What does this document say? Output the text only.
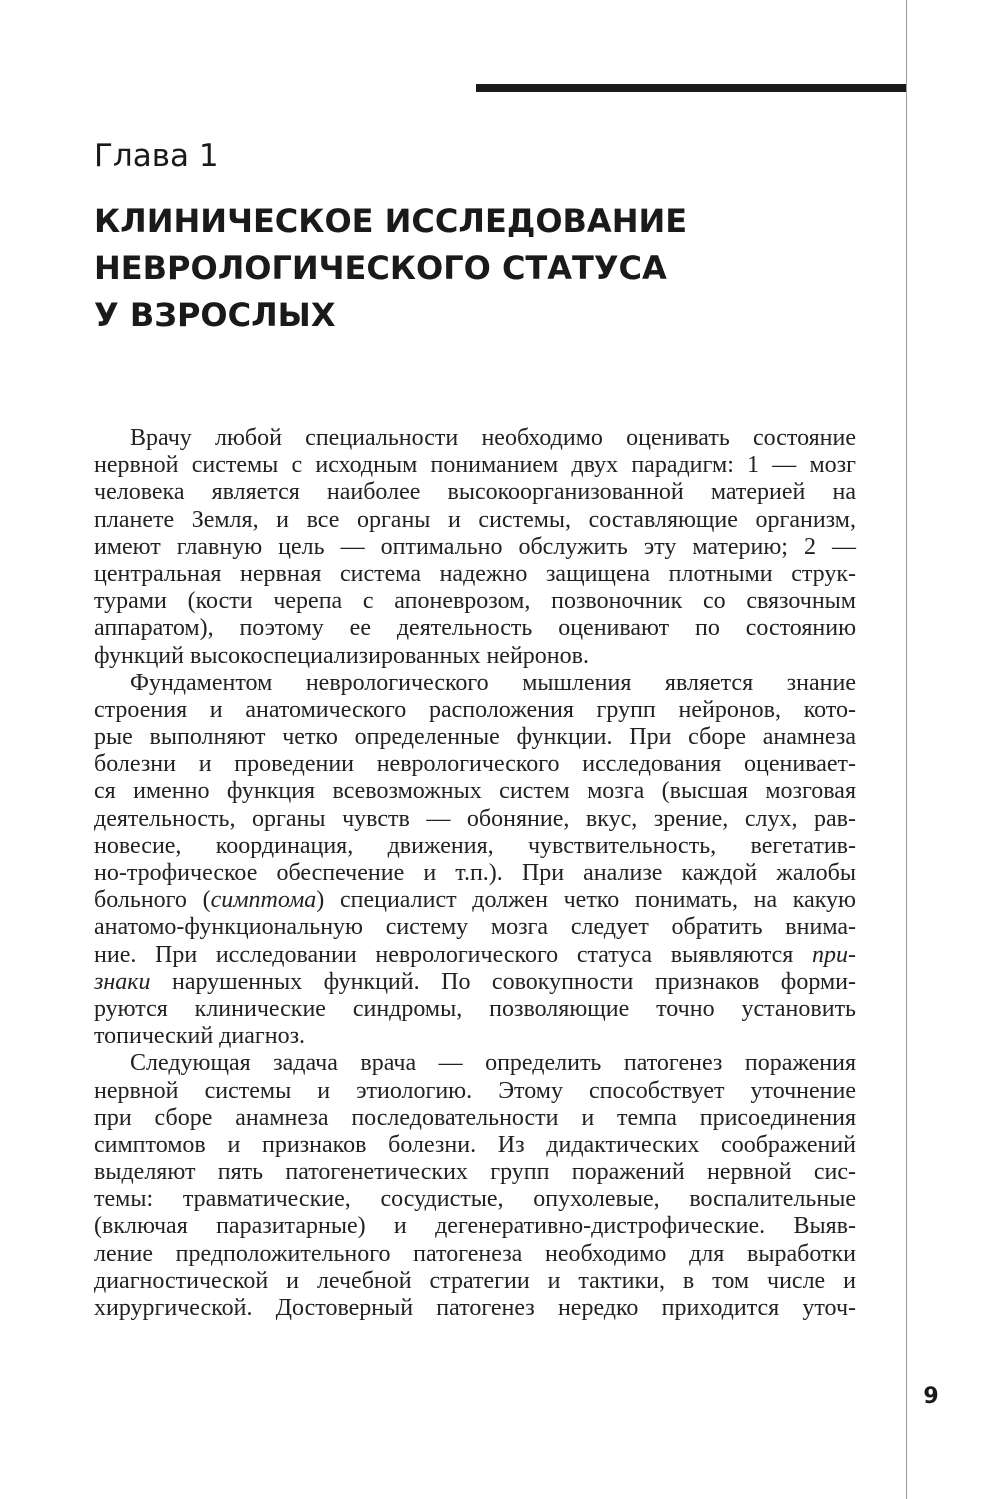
Глава 1
КЛИНИЧЕСКОЕ ИССЛЕДОВАНИЕ
НЕВРОЛОГИЧЕСКОГО СТАТУСА
У ВЗРОСЛЫХ
Врачу любой специальности необходимо оценивать состояние
нервной системы с исходным пониманием двух парадигм: 1 — мозг
человека является наиболее высокоорганизованной материей на
планете Земля, и все органы и системы, составляющие организм,
имеют главную цель — оптимально обслужить эту материю; 2 —
центральная нервная система надежно защищена плотными струк-
турами (кости черепа с апоневрозом, позвоночник со связочным
аппаратом), поэтому ее деятельность оценивают по состоянию
функций высокоспециализированных нейронов.
Фундаментом неврологического мышления является знание
строения и анатомического расположения групп нейронов, кото-
рые выполняют четко определенные функции. При сборе анамнеза
болезни и проведении неврологического исследования оценивает-
ся именно функция всевозможных систем мозга (высшая мозговая
деятельность, органы чувств — обоняние, вкус, зрение, слух, рав-
новесие, координация, движения, чувствительность, вегетатив-
но-трофическое обеспечение и т.п.). При анализе каждой жалобы
больного (симптома) специалист должен четко понимать, на какую
анатомо-функциональную систему мозга следует обратить внима-
ние. При исследовании неврологического статуса выявляются при-
знаки нарушенных функций. По совокупности признаков форми-
руются клинические синдромы, позволяющие точно установить
топический диагноз.
Следующая задача врача — определить патогенез поражения
нервной системы и этиологию. Этому способствует уточнение
при сборе анамнеза последовательности и темпа присоединения
симптомов и признаков болезни. Из дидактических соображений
выделяют пять патогенетических групп поражений нервной сис-
темы: травматические, сосудистые, опухолевые, воспалительные
(включая паразитарные) и дегенеративно-дистрофические. Выяв-
ление предположительного патогенеза необходимо для выработки
диагностической и лечебной стратегии и тактики, в том числе и
хирургической. Достоверный патогенез нередко приходится уточ-
9
